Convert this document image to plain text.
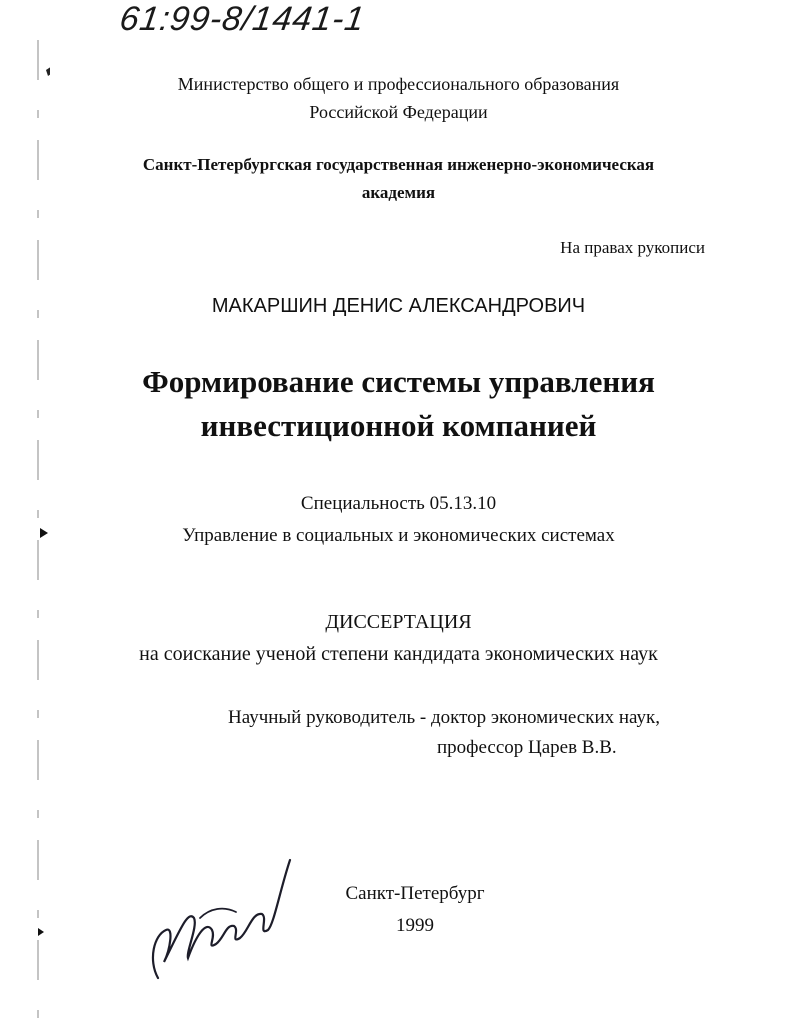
61:99-8/1441-1
Министерство общего и профессионального образования
Российской Федерации
Санкт-Петербургская государственная инженерно-экономическая
академия
На правах рукописи
МАКАРШИН ДЕНИС АЛЕКСАНДРОВИЧ
Формирование системы управления
инвестиционной компанией
Специальность 05.13.10
Управление в социальных и экономических системах
ДИССЕРТАЦИЯ
на соискание ученой степени кандидата экономических наук
Научный руководитель - доктор экономических наук,
профессор Царев В.В.
Санкт-Петербург
1999
